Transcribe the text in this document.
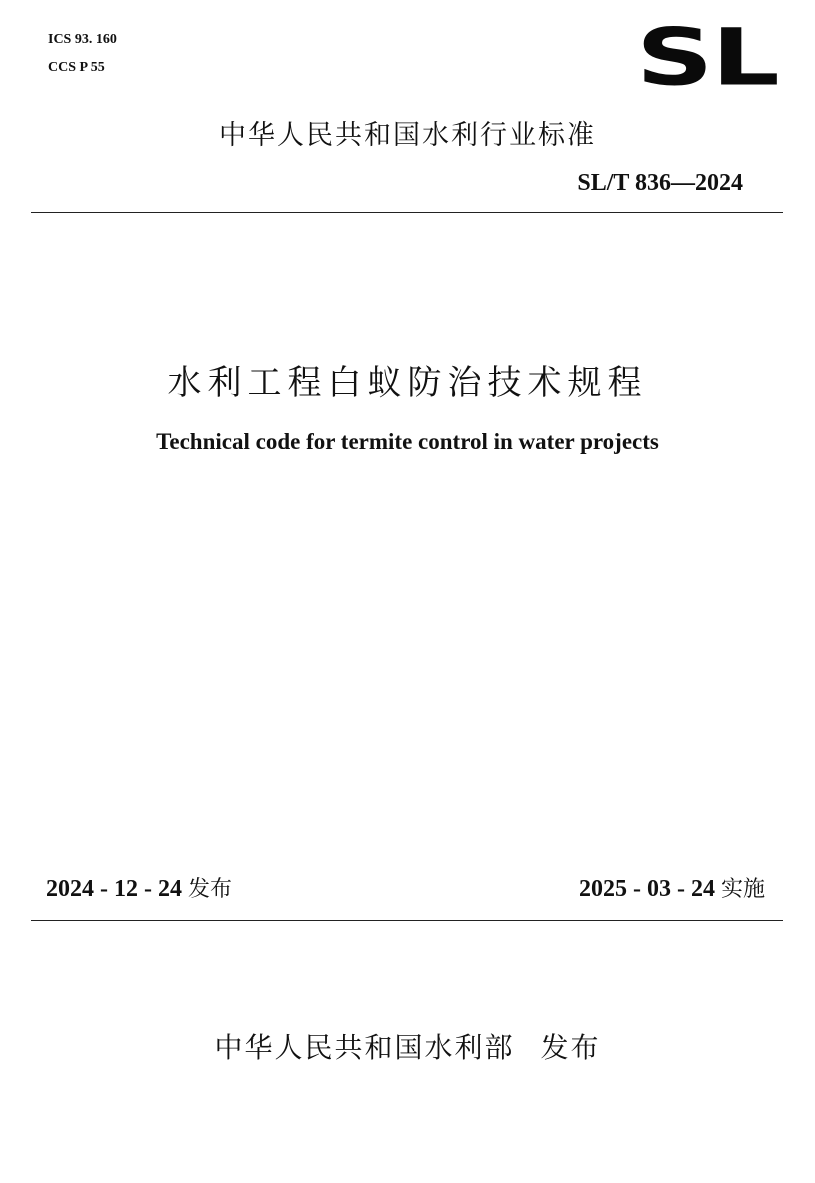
ICS 93. 160
CCS P 55	SL
中华人民共和国水利行业标准
SL/T 836—2024
水利工程白蚁防治技术规程
Technical code for termite control in water projects
2024 - 12 - 24 发布	2025 - 03 - 24 实施
中华人民共和国水利部 发布
